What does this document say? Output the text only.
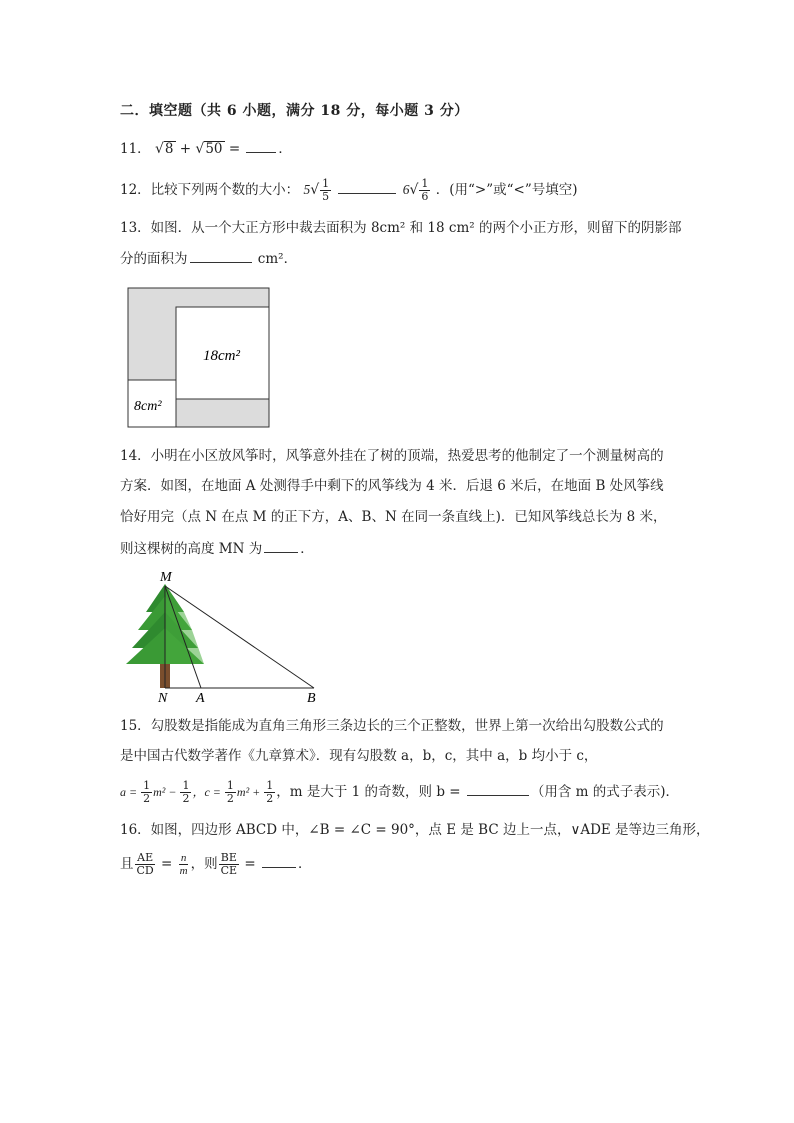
二．填空题（共 6 小题，满分 18 分，每小题 3 分）
11． √8 + √50 =	．
12．比较下列两个数的大小： $5√ \frac{1}{5}$	$6√ \frac{1}{6}$ ．(用“>”或“<”号填空)
13．如图．从一个大正方形中裁去面积为 8cm² 和 18 cm² 的两个小正方形，则留下的阴影部
分的面积为	cm²．
18cm²
8cm²
14．小明在小区放风筝时，风筝意外挂在了树的顶端，热爱思考的他制定了一个测量树高的
方案．如图，在地面 A 处测得手中剩下的风筝线为 4 米．后退 6 米后，在地面 B 处风筝线
恰好用完（点 N 在点 M 的正下方，A、B、N 在同一条直线上)．已知风筝线总长为 8 米，
则这棵树的高度 MN 为	．
M
N A	B
15．勾股数是指能成为直角三角形三条边长的三个正整数，世界上第一次给出勾股数公式的
是中国古代数学著作《九章算术》．现有勾股数 a，b，c，其中 a，b 均小于 c，
$a = \frac{1}{2} m^2 - \frac{1}{2}$ ，$c = \frac{1}{2} m^2 + \frac{1}{2}$ ，m 是大于 1 的奇数，则 b =	（用含 m 的式子表示)．
16．如图，四边形 ABCD 中，∠B = ∠C = 90°，点 E 是 BC 边上一点，∨ADE 是等边三角形，
且 $\frac{AE}{CD} = \frac{n}{m}$ ，则 $\frac{BE}{CE}$ =	．
